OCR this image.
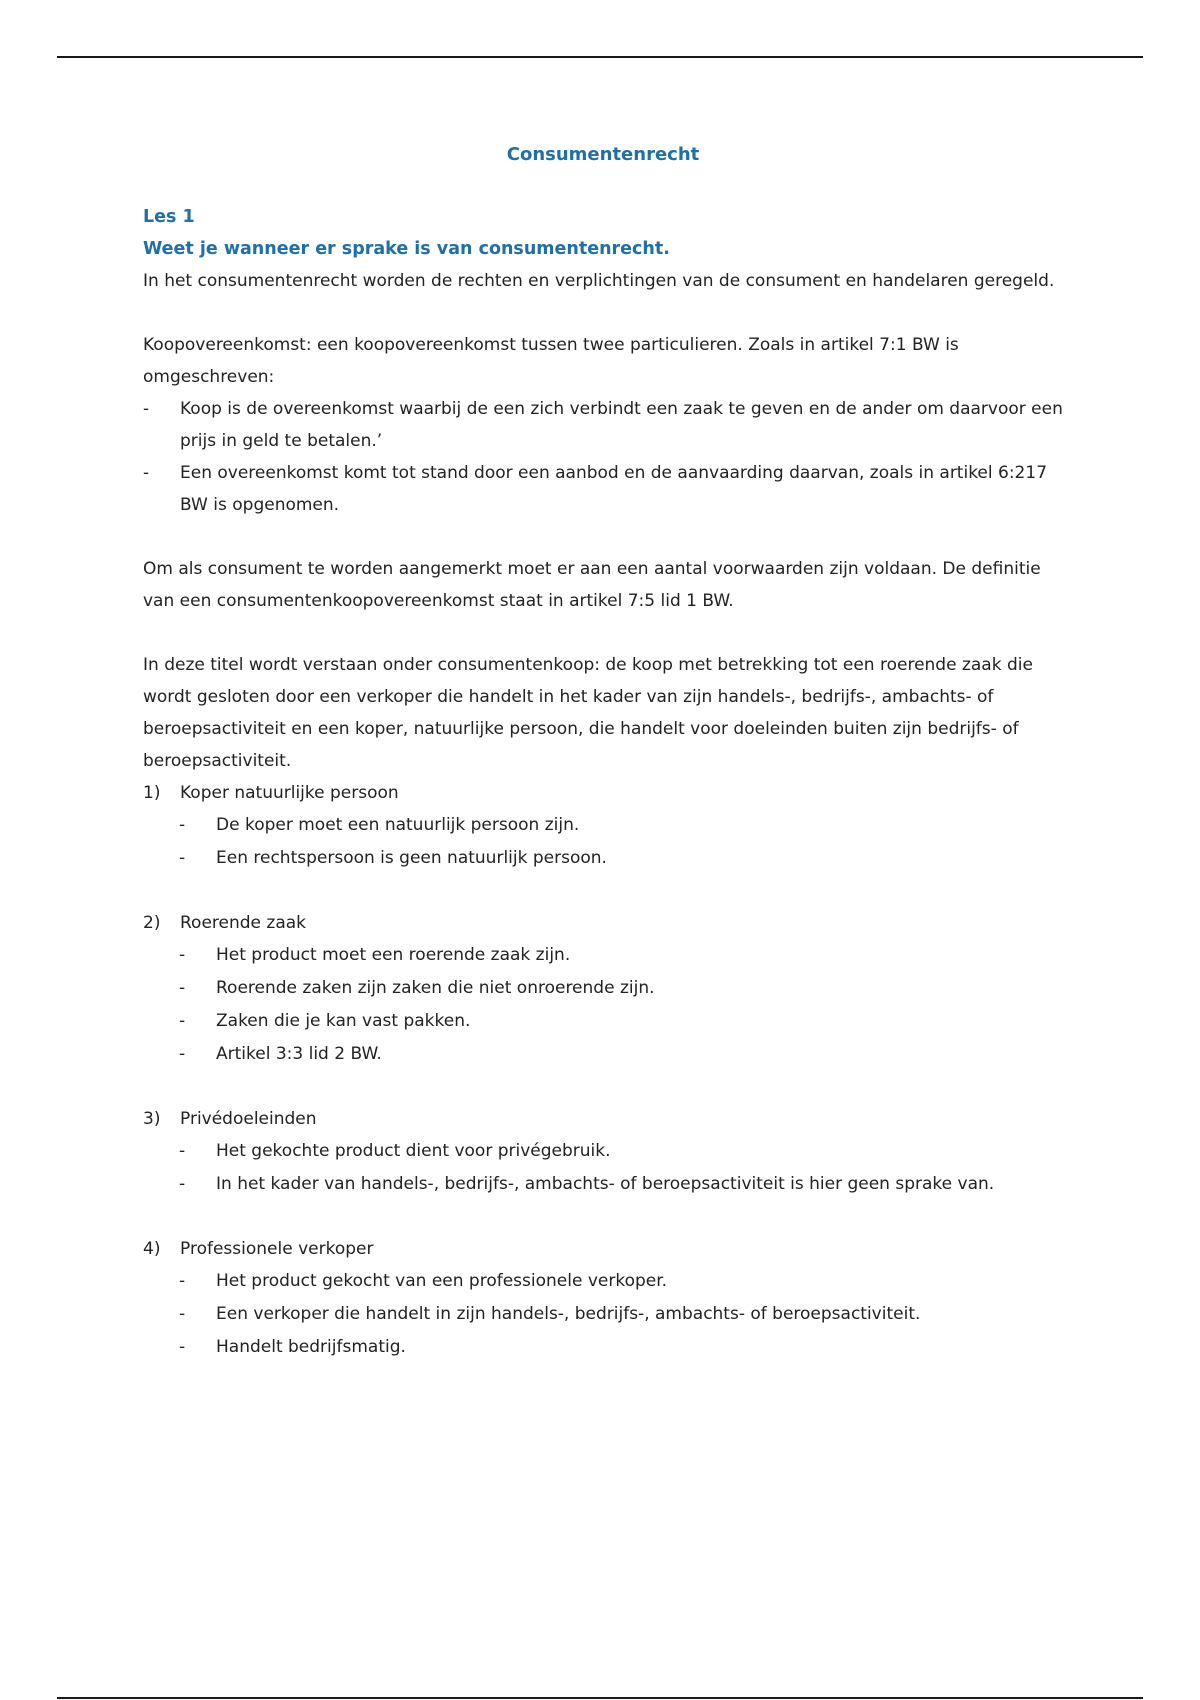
Consumentenrecht
Les 1
Weet je wanneer er sprake is van consumentenrecht.

In het consumentenrecht worden de rechten en verplichtingen van de consument en handelaren geregeld.

Koopovereenkomst: een koopovereenkomst tussen twee particulieren. Zoals in artikel 7:1 BW is omgeschreven:

- Koop is de overeenkomst waarbij de een zich verbindt een zaak te geven en de ander om daarvoor een prijs in geld te betalen.’
- Een overeenkomst komt tot stand door een aanbod en de aanvaarding daarvan, zoals in artikel 6:217 BW is opgenomen.

Om als consument te worden aangemerkt moet er aan een aantal voorwaarden zijn voldaan. De definitie van een consumentenkoopovereenkomst staat in artikel 7:5 lid 1 BW.

In deze titel wordt verstaan onder consumentenkoop: de koop met betrekking tot een roerende zaak die wordt gesloten door een verkoper die handelt in het kader van zijn handels-, bedrijfs-, ambachts- of beroepsactiviteit en een koper, natuurlijke persoon, die handelt voor doeleinden buiten zijn bedrijfs- of beroepsactiviteit.

1) Koper natuurlijke persoon
- De koper moet een natuurlijk persoon zijn.
- Een rechtspersoon is geen natuurlijk persoon.
2) Roerende zaak
- Het product moet een roerende zaak zijn.
- Roerende zaken zijn zaken die niet onroerende zijn.
- Zaken die je kan vast pakken.
- Artikel 3:3 lid 2 BW.
3) Privédoeleinden
- Het gekochte product dient voor privégebruik.
- In het kader van handels-, bedrijfs-, ambachts- of beroepsactiviteit is hier geen sprake van.
4) Professionele verkoper
- Het product gekocht van een professionele verkoper.
- Een verkoper die handelt in zijn handels-, bedrijfs-, ambachts- of beroepsactiviteit.
- Handelt bedrijfsmatig.
